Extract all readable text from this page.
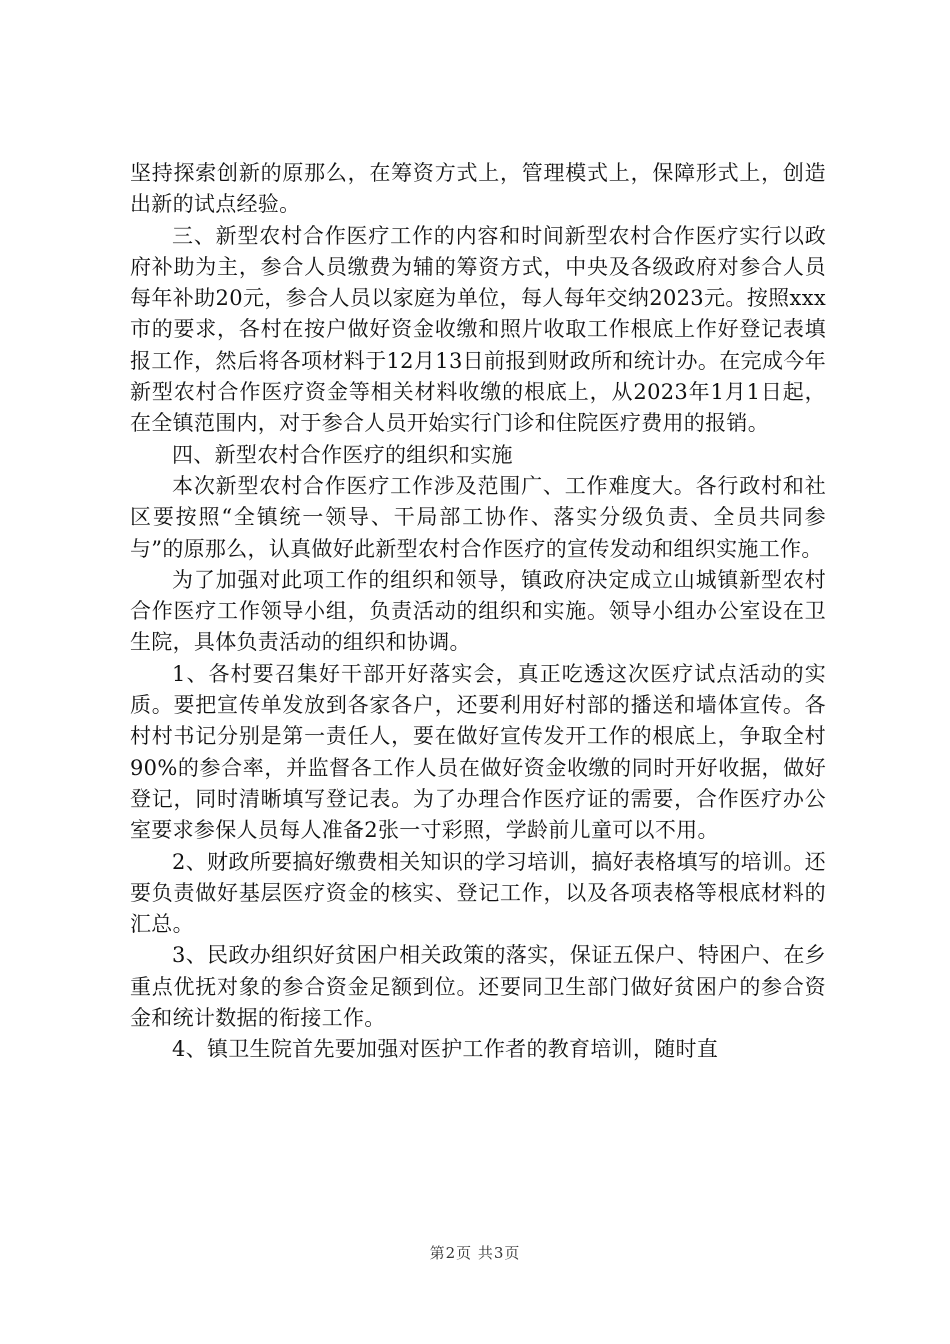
坚持探索创新的原那么，在筹资方式上，管理模式上，保障形式上，创造出新的试点经验。

三、新型农村合作医疗工作的内容和时间新型农村合作医疗实行以政府补助为主，参合人员缴费为辅的筹资方式，中央及各级政府对参合人员每年补助20元，参合人员以家庭为单位，每人每年交纳2023元。按照xxx市的要求，各村在按户做好资金收缴和照片收取工作根底上作好登记表填报工作，然后将各项材料于12月13日前报到财政所和统计办。在完成今年新型农村合作医疗资金等相关材料收缴的根底上，从2023年1月1日起，在全镇范围内，对于参合人员开始实行门诊和住院医疗费用的报销。

四、新型农村合作医疗的组织和实施

本次新型农村合作医疗工作涉及范围广、工作难度大。各行政村和社区要按照“全镇统一领导、干局部工协作、落实分级负责、全员共同参与”的原那么，认真做好此新型农村合作医疗的宣传发动和组织实施工作。

为了加强对此项工作的组织和领导，镇政府决定成立山城镇新型农村合作医疗工作领导小组，负责活动的组织和实施。领导小组办公室设在卫生院，具体负责活动的组织和协调。

1、各村要召集好干部开好落实会，真正吃透这次医疗试点活动的实质。要把宣传单发放到各家各户，还要利用好村部的播送和墙体宣传。各村村书记分别是第一责任人，要在做好宣传发开工作的根底上，争取全村90%的参合率，并监督各工作人员在做好资金收缴的同时开好收据，做好登记，同时清晰填写登记表。为了办理合作医疗证的需要，合作医疗办公室要求参保人员每人准备2张一寸彩照，学龄前儿童可以不用。

2、财政所要搞好缴费相关知识的学习培训，搞好表格填写的培训。还要负责做好基层医疗资金的核实、登记工作，以及各项表格等根底材料的汇总。

3、民政办组织好贫困户相关政策的落实，保证五保户、特困户、在乡重点优抚对象的参合资金足额到位。还要同卫生部门做好贫困户的参合资金和统计数据的衔接工作。

4、镇卫生院首先要加强对医护工作者的教育培训，随时直

第2页 共3页
